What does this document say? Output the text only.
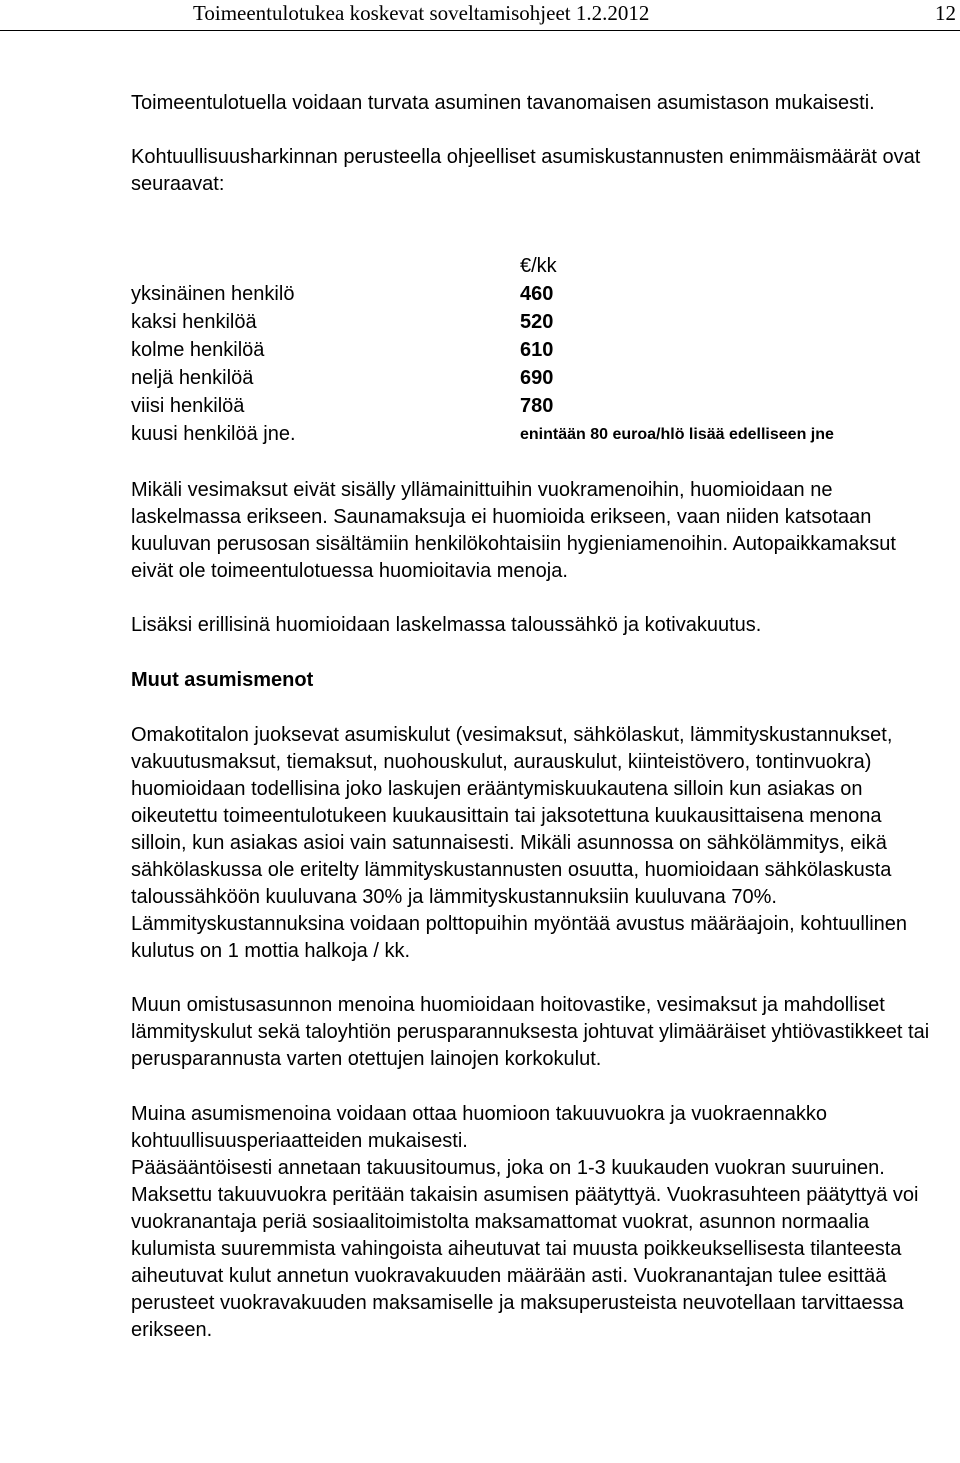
Toimeentulotukea koskevat soveltamisohjeet 1.2.2012	12

Toimeentulotuella voidaan turvata asuminen tavanomaisen asumistason mukaisesti.

Kohtuullisuusharkinnan perusteella ohjeelliset asumiskustannusten enimmäismäärät ovat seuraavat:

€/kk
yksinäinen henkilö	460
kaksi henkilöä	520
kolme henkilöä	610
neljä henkilöä	690
viisi henkilöä	780
kuusi henkilöä jne.	enintään 80 euroa/hlö lisää edelliseen jne

Mikäli vesimaksut eivät sisälly yllämainittuihin vuokramenoihin, huomioidaan ne laskelmassa erikseen. Saunamaksuja ei huomioida erikseen, vaan niiden katsotaan kuuluvan perusosan sisältämiin henkilökohtaisiin hygieniamenoihin. Autopaikkamaksut eivät ole toimeentulotuessa huomioitavia menoja.

Lisäksi erillisinä huomioidaan laskelmassa taloussähkö ja kotivakuutus.

Muut asumismenot

Omakotitalon juoksevat asumiskulut (vesimaksut, sähkölaskut, lämmityskustannukset, vakuutusmaksut, tiemaksut, nuohouskulut, aurauskulut, kiinteistövero, tontinvuokra) huomioidaan todellisina joko laskujen erääntymiskuukautena silloin kun asiakas on oikeutettu toimeentulotukeen kuukausittain tai jaksotettuna kuukausittaisena menona silloin, kun asiakas asioi vain satunnaisesti. Mikäli asunnossa on sähkölämmitys, eikä sähkölaskussa ole eritelty lämmityskustannusten osuutta, huomioidaan sähkölaskusta taloussähköön kuuluvana 30% ja lämmityskustannuksiin kuuluvana 70%.

Lämmityskustannuksina voidaan polttopuihin myöntää avustus määräajoin, kohtuullinen kulutus on 1 mottia halkoja / kk.

Muun omistusasunnon menoina huomioidaan hoitovastike, vesimaksut ja mahdolliset lämmityskulut sekä taloyhtiön perusparannuksesta johtuvat ylimääräiset yhtiövastikkeet tai perusparannusta varten otettujen lainojen korkokulut.

Muina asumismenoina voidaan ottaa huomioon takuuvuokra ja vuokraennakko kohtuullisuusperiaatteiden mukaisesti.

Pääsääntöisesti annetaan takuusitoumus, joka on 1-3 kuukauden vuokran suuruinen. Maksettu takuuvuokra peritään takaisin asumisen päätyttyä. Vuokrasuhteen päätyttyä voi vuokranantaja periä sosiaalitoimistolta maksamattomat vuokrat, asunnon normaalia kulumista suuremmista vahingoista aiheutuvat tai muusta poikkeuksellisesta tilanteesta aiheutuvat kulut annetun vuokravakuuden määrään asti. Vuokranantajan tulee esittää perusteet vuokravakuuden maksamiselle ja maksuperusteista neuvotellaan tarvittaessa erikseen.
